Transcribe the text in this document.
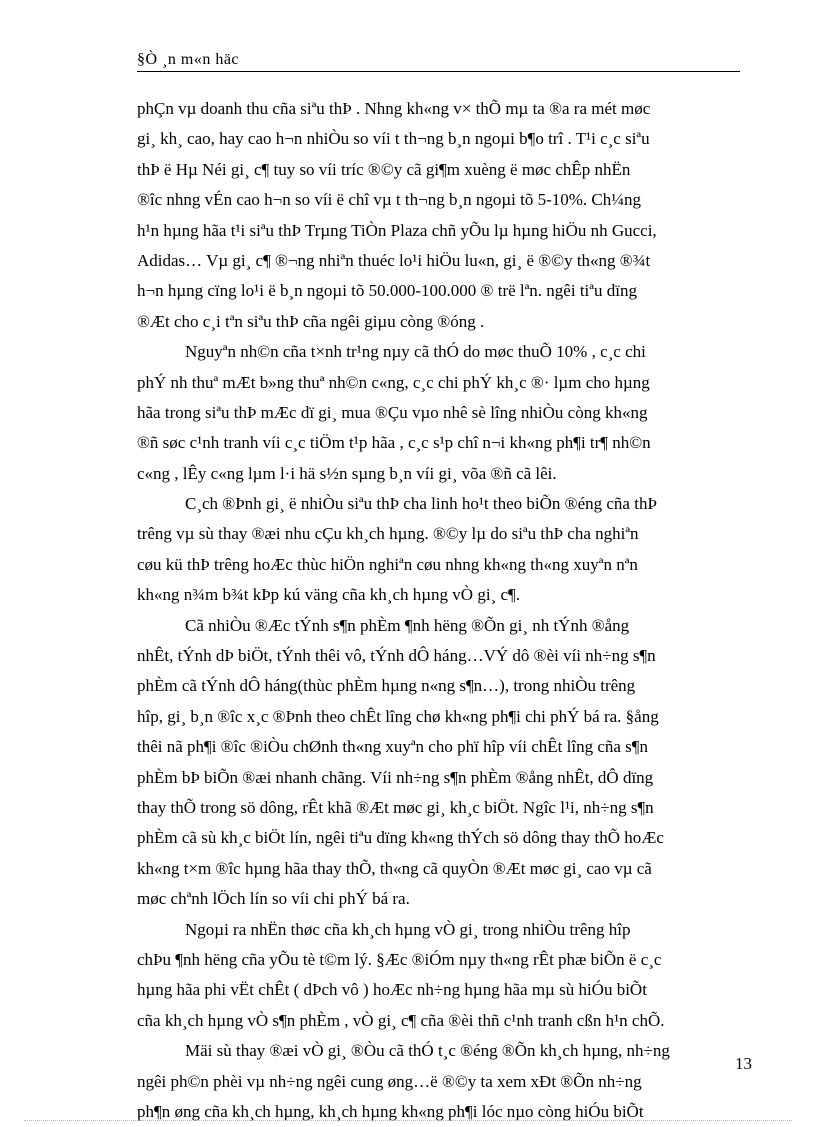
§Ò ¸n m«n häc
phÇn vµ doanh thu cña siªu thÞ . Nhng kh«ng v× thÕ mµ ta ®a ra mét møc
gi¸ kh¸ cao, hay cao h¬n nhiÒu so víi t th¬ng b¸n ngoµi b¶o trî . T¹i c¸c siªu
thÞ ë Hµ Néi gi¸ c¶ tuy so víi tríc ®©y cã gi¶m xuèng ë møc chÊp nhËn
®îc nhng vÉn cao h¬n so víi ë chî vµ t th¬ng b¸n ngoµi tõ 5-10%. Ch¼ng
h¹n hµng hãa t¹i siªu thÞ Trµng TiÒn Plaza chñ yÕu lµ hµng hiÖu nh Gucci,
Adidas… Vµ gi¸ c¶ ®¬ng nhiªn thuéc lo¹i hiÖu lu«n, gi¸ ë ®©y th«ng ®¾t
h¬n hµng cïng lo¹i ë b¸n ngoµi tõ 50.000-100.000 ® trë lªn. ngêi tiªu dïng
®Æt cho c¸i tªn siªu thÞ cña ngêi giµu còng ®óng .
Nguyªn nh©n cña t×nh tr¹ng nµy cã thÓ do møc thuÕ 10% , c¸c chi
phÝ nh thuª mÆt b»ng thuª nh©n c«ng, c¸c chi phÝ kh¸c ®· lµm cho hµng
hãa trong siªu thÞ mÆc dï gi¸ mua ®Çu vµo nhê sè lîng nhiÒu còng kh«ng
®ñ søc c¹nh tranh víi c¸c tiÖm t¹p hãa , c¸c s¹p chî n¬i kh«ng ph¶i tr¶ nh©n
c«ng , lÊy c«ng lµm l·i hä s½n sµng b¸n víi gi¸ võa ®ñ cã lêi.
C¸ch ®Þnh gi¸ ë nhiÒu siªu thÞ cha linh ho¹t theo biÕn ®éng cña thÞ
trêng vµ sù thay ®æi nhu cÇu kh¸ch hµng. ®©y lµ do siªu thÞ cha nghiªn
cøu kü thÞ trêng hoÆc thùc hiÖn nghiªn cøu nhng kh«ng th«ng xuyªn nªn
kh«ng n¾m b¾t kÞp kú väng cña kh¸ch hµng vÒ gi¸ c¶.
Cã nhiÒu ®Æc tÝnh s¶n phÈm ¶nh hëng ®Õn gi¸ nh tÝnh ®ång
nhÊt, tÝnh dÞ biÖt, tÝnh thêi vô, tÝnh dÔ háng…VÝ dô ®èi víi nh÷ng s¶n
phÈm cã tÝnh dÔ háng(thùc phÈm hµng n«ng s¶n…), trong nhiÒu trêng
hîp, gi¸ b¸n ®îc x¸c ®Þnh theo chÊt lîng chø kh«ng ph¶i chi phÝ bá ra. §ång
thêi nã ph¶i ®îc ®iÒu chØnh th«ng xuyªn cho phï hîp víi chÊt lîng cña s¶n
phÈm bÞ biÕn ®æi nhanh chãng. Víi nh÷ng s¶n phÈm ®ång nhÊt, dÔ dïng
thay thÕ trong sö dông, rÊt khã ®Æt møc gi¸ kh¸c biÖt. Ngîc l¹i, nh÷ng s¶n
phÈm cã sù kh¸c biÖt lín, ngêi tiªu dïng kh«ng thÝch sö dông thay thÕ hoÆc
kh«ng t×m ®îc hµng hãa thay thÕ, th«ng cã quyÒn ®Æt møc gi¸ cao vµ cã
møc chªnh lÖch lín so víi chi phÝ bá ra.
Ngoµi ra nhËn thøc cña kh¸ch hµng vÒ gi¸ trong nhiÒu trêng hîp
chÞu ¶nh hëng cña yÕu tè t©m lý. §Æc ®iÓm nµy th«ng rÊt phæ biÕn ë c¸c
hµng hãa phi vËt chÊt ( dÞch vô ) hoÆc nh÷ng hµng hãa mµ sù hiÓu biÕt
cña kh¸ch hµng vÒ s¶n phÈm , vÒ gi¸ c¶ cña ®èi thñ c¹nh tranh cßn h¹n chÕ.
Mäi sù thay ®æi vÒ gi¸ ®Òu cã thÓ t¸c ®éng ®Õn kh¸ch hµng, nh÷ng
ngêi ph©n phèi vµ nh÷ng ngêi cung øng…ë ®©y ta xem xÐt ®Õn nh÷ng
ph¶n øng cña kh¸ch hµng, kh¸ch hµng kh«ng ph¶i lóc nµo còng hiÓu biÕt
13
